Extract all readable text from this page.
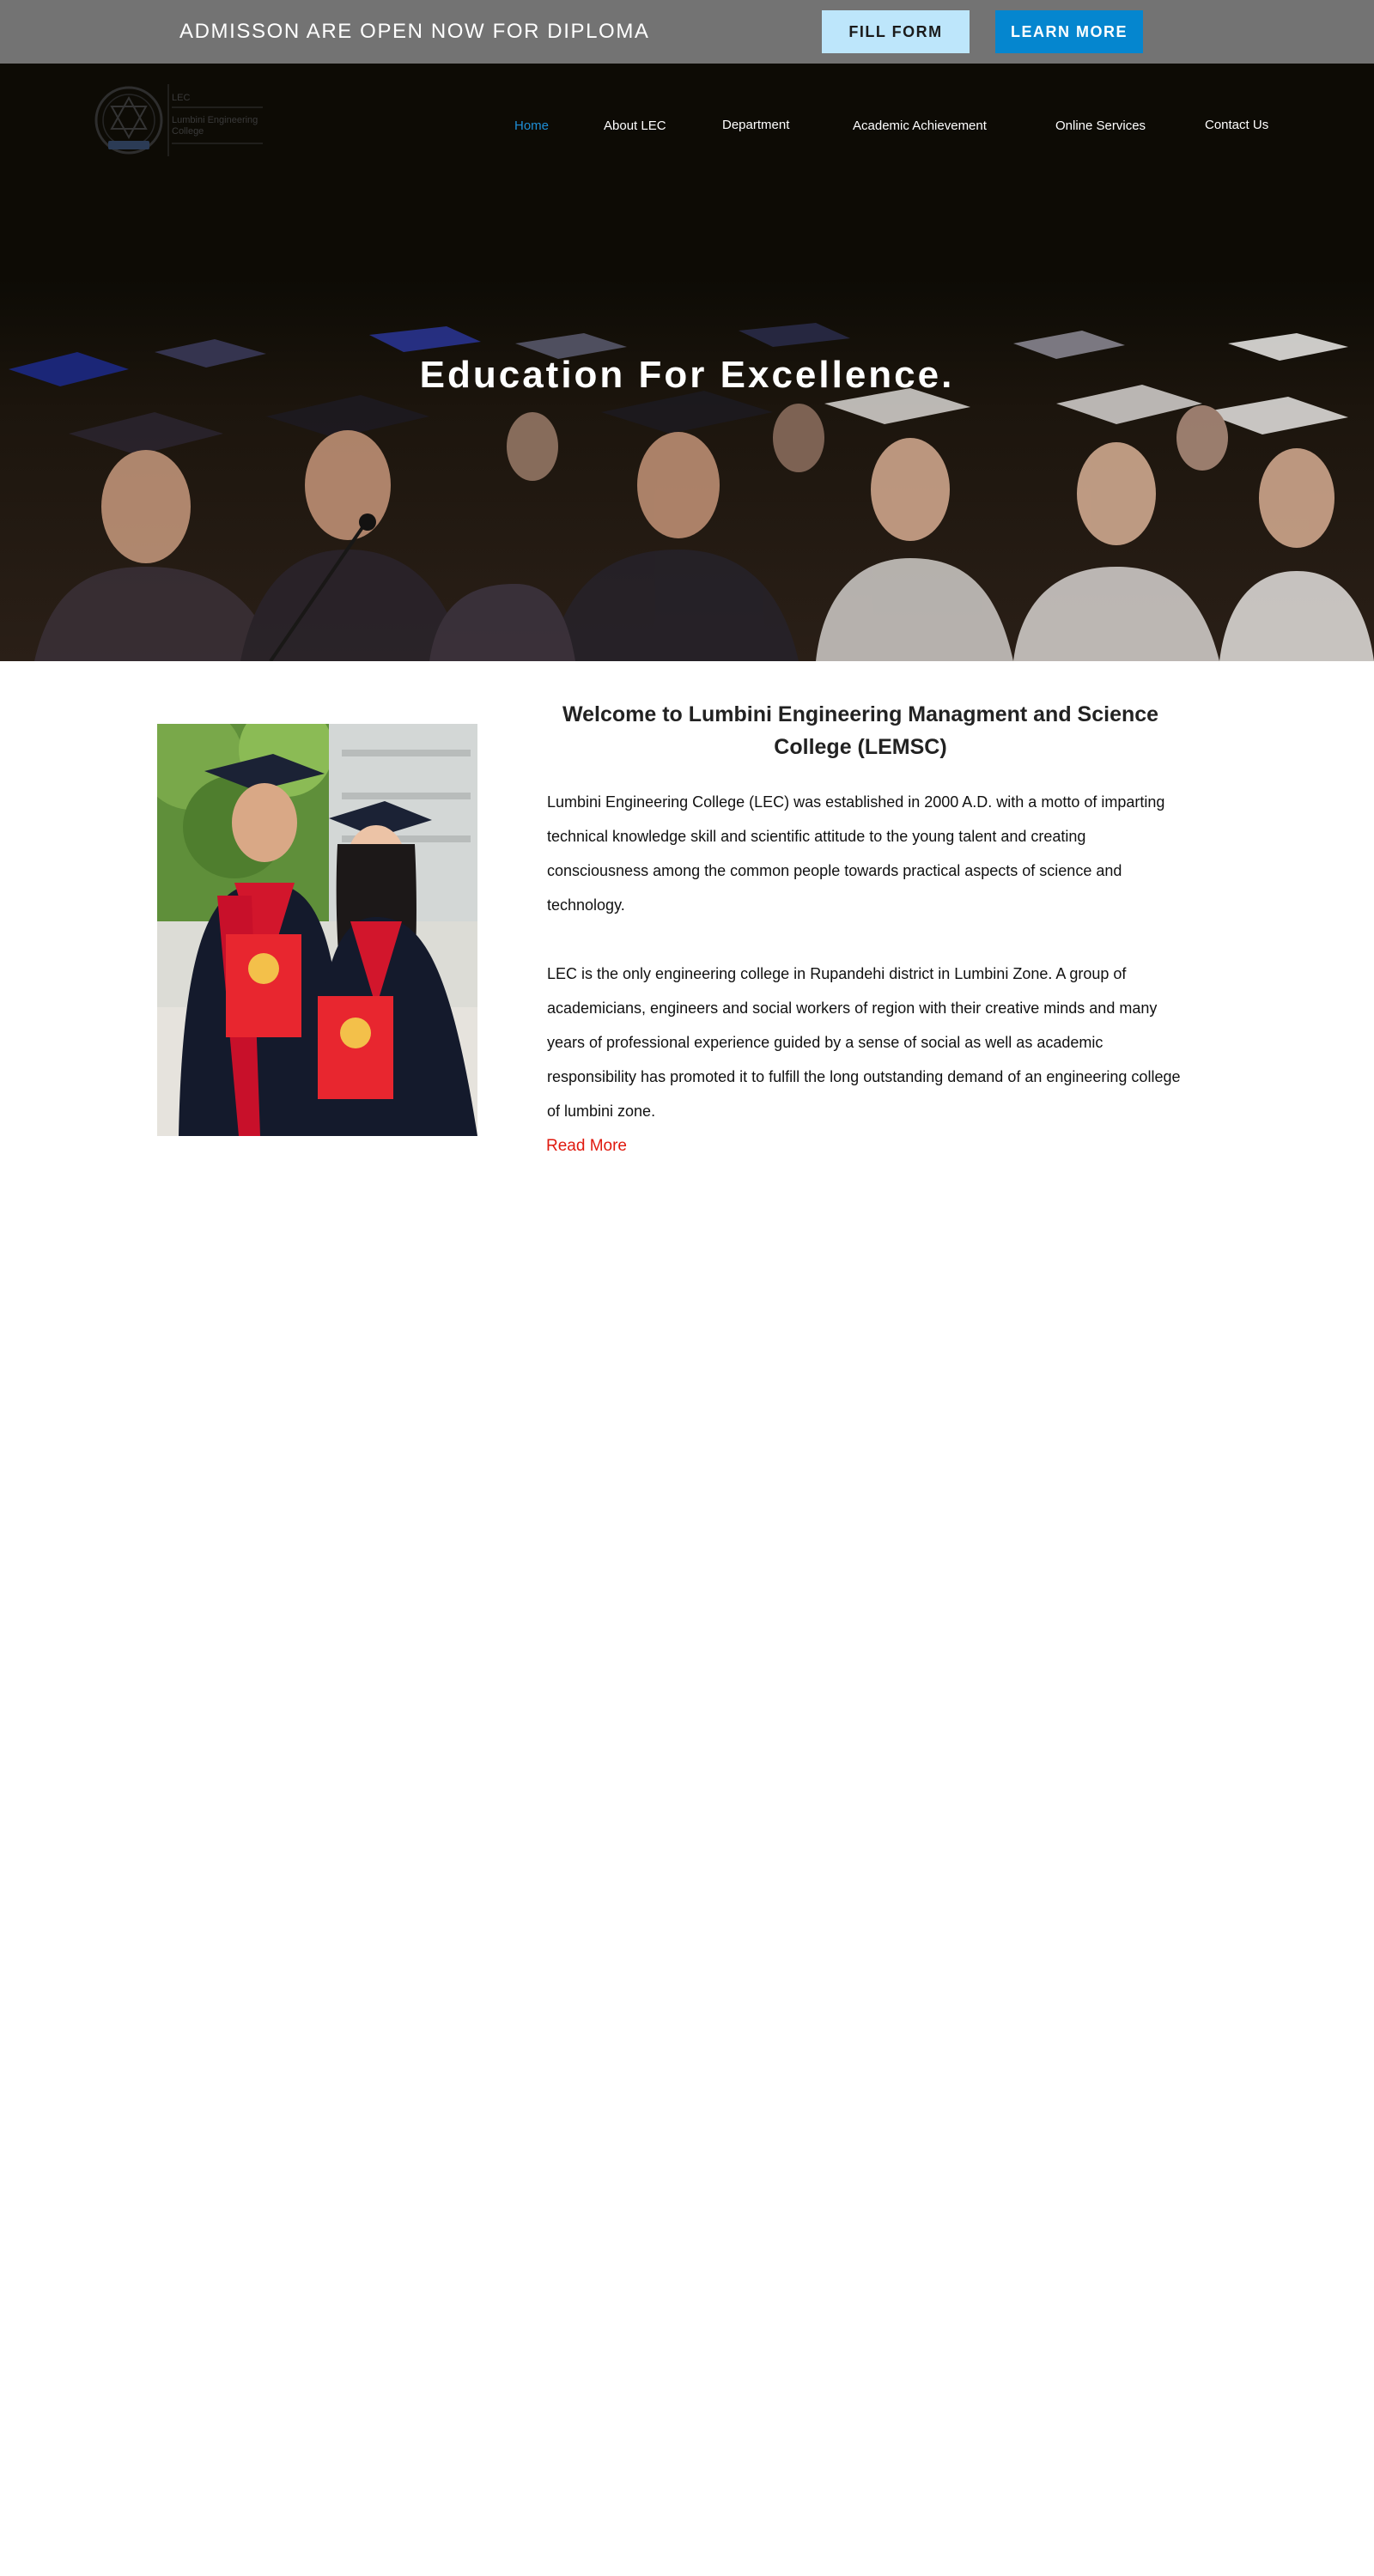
ADMISSON ARE OPEN NOW FOR DIPLOMA	FILL FORM	LEARN MORE
LEC
Lumbini Engineering College	Home	About LEC	Department	Academic Achievement	Online Services	Contact Us
Education For Excellence.
Welcome to Lumbini Engineering Managment and Science College (LEMSC)

Lumbini Engineering College (LEC) was established in 2000 A.D. with a motto of imparting technical knowledge skill and scientific attitude to the young talent and creating consciousness among the common people towards practical aspects of science and technology.

LEC is the only engineering college in Rupandehi district in Lumbini Zone. A group of academicians, engineers and social workers of region with their creative minds and many years of professional experience guided by a sense of social as well as academic responsibility has promoted it to fulfill the long outstanding demand of an engineering college of lumbini zone.

Read More
